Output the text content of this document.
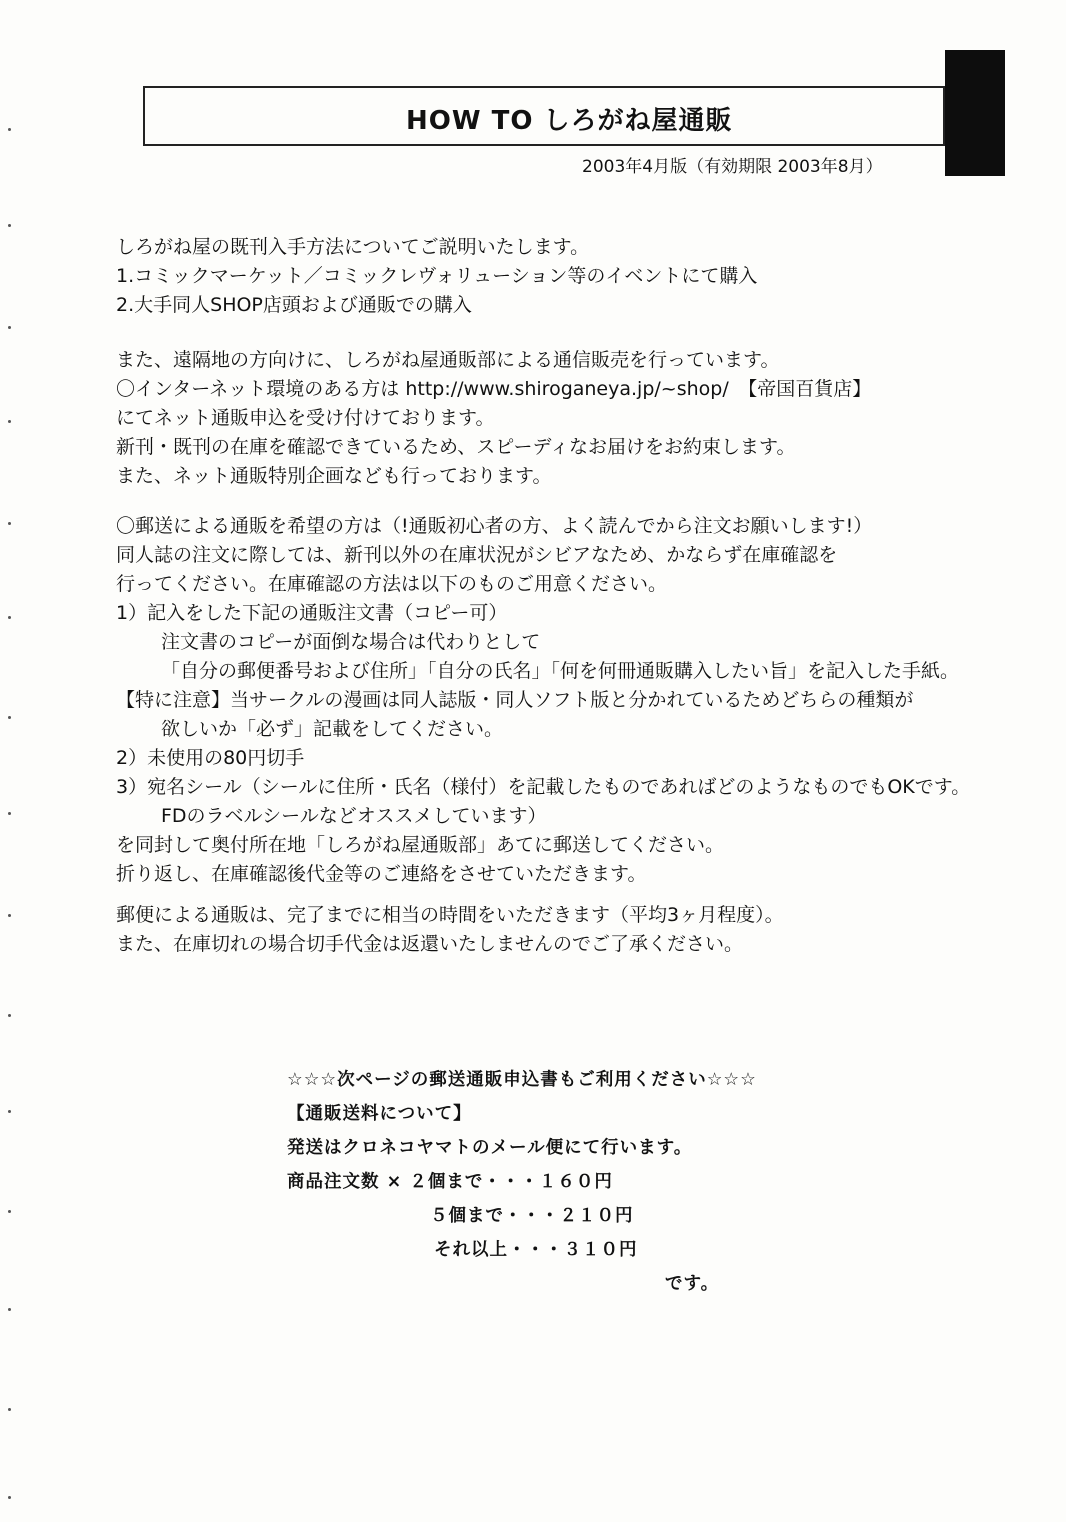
HOW TO しろがね屋通販
2003年4月版（有効期限 2003年8月）
しろがね屋の既刊入手方法についてご説明いたします。
1.コミックマーケット／コミックレヴォリューション等のイベントにて購入
2.大手同人SHOP店頭および通販での購入
また、遠隔地の方向けに、しろがね屋通販部による通信販売を行っています。
〇インターネット環境のある方は http://www.shiroganeya.jp/~shop/　【帝国百貨店】
にてネット通販申込を受け付けております。
新刊・既刊の在庫を確認できているため、スピーディなお届けをお約束します。
また、ネット通販特別企画なども行っております。
〇郵送による通販を希望の方は（!通販初心者の方、よく読んでから注文お願いします!）
同人誌の注文に際しては、新刊以外の在庫状況がシビアなため、かならず在庫確認を
行ってください。在庫確認の方法は以下のものご用意ください。
1）記入をした下記の通販注文書（コピー可）
注文書のコピーが面倒な場合は代わりとして
「自分の郵便番号および住所」「自分の氏名」「何を何冊通販購入したい旨」を記入した手紙。
【特に注意】当サークルの漫画は同人誌版・同人ソフト版と分かれているためどちらの種類が
欲しいか「必ず」記載をしてください。
2）未使用の80円切手
3）宛名シール（シールに住所・氏名（様付）を記載したものであればどのようなものでもOKです。
FDのラベルシールなどオススメしています）
を同封して奥付所在地「しろがね屋通販部」あてに郵送してください。
折り返し、在庫確認後代金等のご連絡をさせていただきます。
郵便による通販は、完了までに相当の時間をいただきます（平均3ヶ月程度）。
また、在庫切れの場合切手代金は返還いたしませんのでご了承ください。
☆☆☆次ページの郵送通販申込書もご利用ください☆☆☆
【通販送料について】
発送はクロネコヤマトのメール便にて行います。
商品注文数 × ２個まで・・・１６０円
５個まで・・・２１０円
それ以上・・・３１０円
です。
